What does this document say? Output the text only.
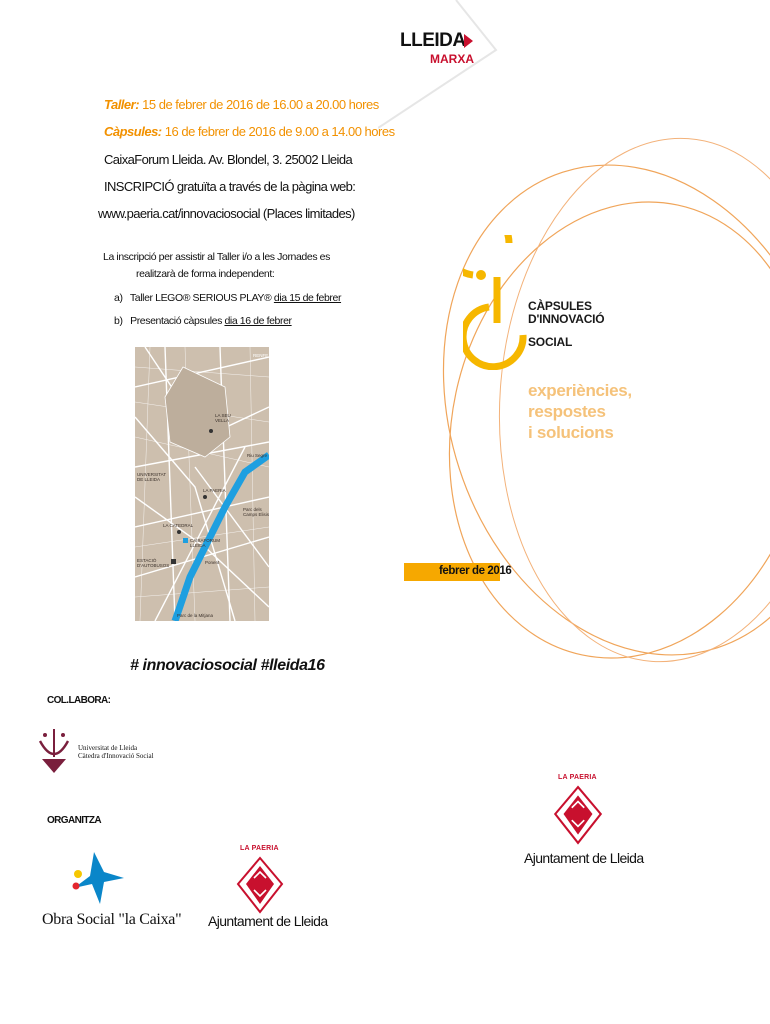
LLEIDA
MARXA
Taller: 15 de febrer de 2016 de 16.00 a 20.00 hores
Càpsules: 16 de febrer de 2016 de 9.00 a 14.00 hores
CaixaForum Lleida. Av. Blondel, 3. 25002 Lleida
INSCRIPCIÓ gratuïta a través de la pàgina web:
www.paeria.cat/innovaciosocial (Places limitades)
La inscripció per assistir al Taller i/o a les Jornades es
realitzarà de forma independent:
a) Taller LEGO® SERIOUS PLAY® dia 15 de febrer
b) Presentació càpsules dia 16 de febrer
RENFE
LA SEU VELLA
UNIVERSITAT DE LLEIDA
LA PAERIA
Riu Segre
Parc dels Camps Elisis
LA CATEDRAL
CAIXAFORUM LLEIDA
ESTACIÓ D'AUTOBUSOS
Ponent
Parc de la Mitjana
# innovaciosocial #lleida16
COL.LABORA:
Universitat de Lleida
Càtedra d'Innovació Social
ORGANITZA
Obra Social "la Caixa"
LA PAERIA
Ajuntament de Lleida
CÀPSULES
D'INNOVACIÓ
SOCIAL
experiències,
respostes
i solucions
febrer de 2016
LA PAERIA
Ajuntament de Lleida
